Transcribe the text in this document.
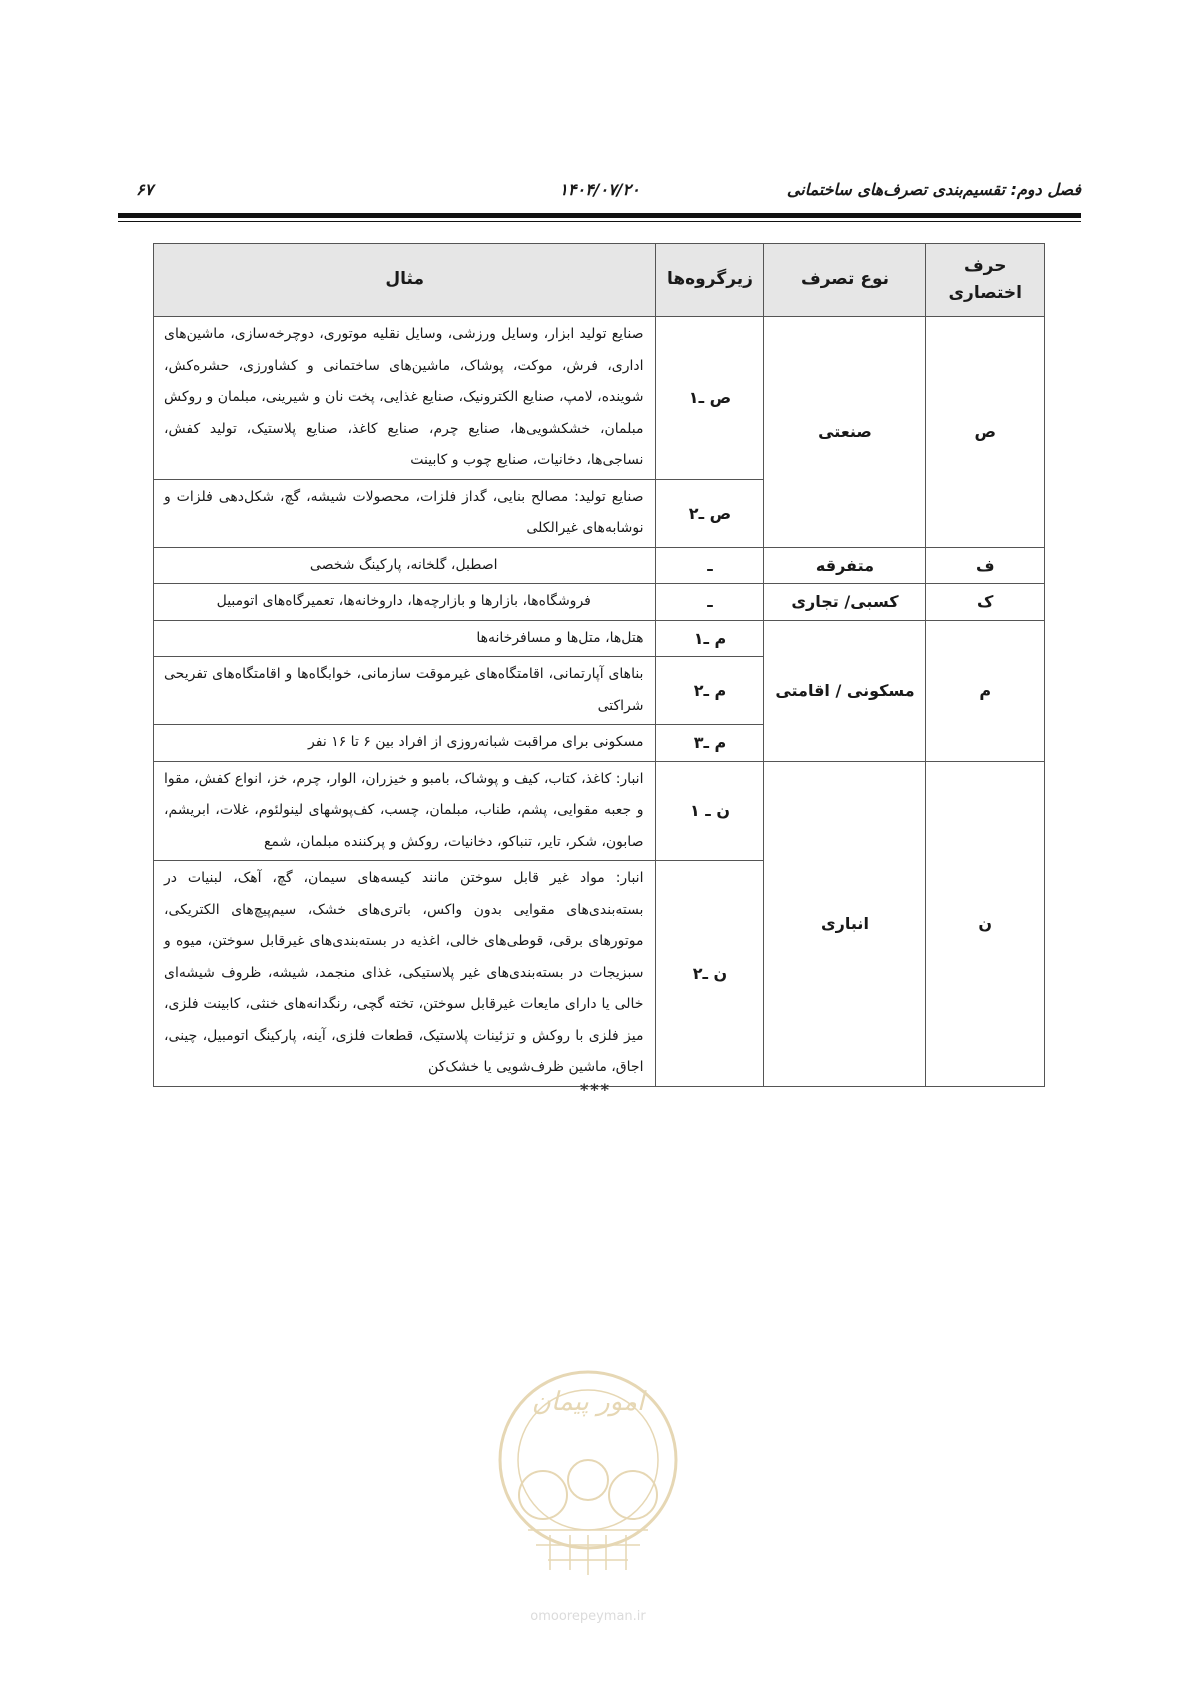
فصل دوم: تقسیم‌بندی تصرف‌های ساختمانی
۱۴۰۴/۰۷/۲۰
۶۷
حرف اختصاری	نوع تصرف	زیرگروه‌ها	مثال
ص	صنعتی	ص ـ۱	صنایع تولید ابزار، وسایل ورزشی، وسایل نقلیه موتوری، دوچرخه‌سازی، ماشین‌های اداری، فرش، موکت، پوشاک، ماشین‌های ساختمانی و کشاورزی، حشره‌کش، شوینده، لامپ، صنایع الکترونیک، صنایع غذایی، پخت نان و شیرینی، مبلمان و روکش مبلمان، خشکشویی‌ها، صنایع چرم، صنایع کاغذ، صنایع پلاستیک، تولید کفش، نساجی‌ها، دخانیات، صنایع چوب و کابینت
		ص ـ۲	صنایع تولید: مصالح بنایی، گداز فلزات، محصولات شیشه، گچ، شکل‌دهی فلزات و نوشابه‌های غیرالکلی
ف	متفرقه	ـ	اصطبل، گلخانه، پارکینگ شخصی
ک	کسبی/ تجاری	ـ	فروشگاه‌ها، بازارها و بازارچه‌ها، داروخانه‌ها، تعمیرگاه‌های اتومبیل
م	مسکونی / اقامتی	م ـ۱	هتل‌ها، متل‌ها و مسافرخانه‌ها
		م ـ۲	بناهای آپارتمانی، اقامتگاه‌های غیرموقت سازمانی، خوابگاه‌ها و اقامتگاه‌های تفریحی شراکتی
		م ـ۳	مسکونی برای مراقبت شبانه‌روزی از افراد بین ۶ تا ۱۶ نفر
ن	انباری	ن ـ ۱	انبار: کاغذ، کتاب، کیف و پوشاک، بامبو و خیزران، الوار، چرم، خز، انواع کفش، مقوا و جعبه مقوایی، پشم، طناب، مبلمان، چسب، کف‌پوشهای لینولئوم، غلات، ابریشم، صابون، شکر، تایر، تنباکو، دخانیات، روکش و پرکننده مبلمان، شمع
		ن ـ۲	انبار: مواد غیر قابل سوختن مانند کیسه‌های سیمان، گچ، آهک، لبنیات در بسته‌بندی‌های مقوایی بدون واکس، باتری‌های خشک، سیم‌پیچ‌های الکتریکی، موتورهای برقی، قوطی‌های خالی، اغذیه در بسته‌بندی‌های غیرقابل سوختن، میوه و سبزیجات در بسته‌بندی‌های غیر پلاستیکی، غذای منجمد، شیشه، ظروف شیشه‌ای خالی یا دارای مایعات غیرقابل سوختن، تخته گچی، رنگدانه‌های خنثی، کابینت فلزی، میز فلزی با روکش و تزئینات پلاستیک، قطعات فلزی، آینه، پارکینگ اتومبیل، چینی، اجاق، ماشین ظرف‌شویی یا خشک‌کن
***
امور پیمان
omoorepeyman.ir
